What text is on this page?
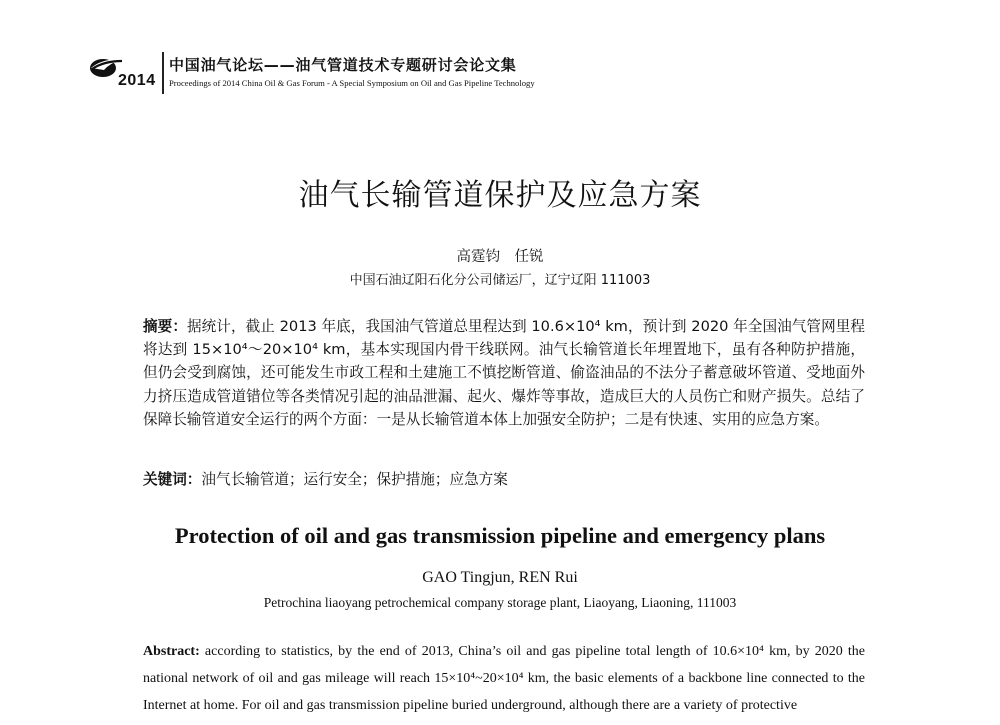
2014
中国油气论坛——油气管道技术专题研讨会论文集
Proceedings of 2014 China Oil & Gas Forum - A Special Symposium on Oil and Gas Pipeline Technology
油气长输管道保护及应急方案
高霆钧　任锐
中国石油辽阳石化分公司储运厂，辽宁辽阳 111003
摘要：据统计，截止 2013 年底，我国油气管道总里程达到 10.6×10⁴ km，预计到 2020 年全国油气管网里程将达到 15×10⁴～20×10⁴ km，基本实现国内骨干线联网。油气长输管道长年埋置地下，虽有各种防护措施，但仍会受到腐蚀，还可能发生市政工程和土建施工不慎挖断管道、偷盗油品的不法分子蓄意破坏管道、受地面外力挤压造成管道错位等各类情况引起的油品泄漏、起火、爆炸等事故，造成巨大的人员伤亡和财产损失。总结了保障长输管道安全运行的两个方面：一是从长输管道本体上加强安全防护；二是有快速、实用的应急方案。
关键词：油气长输管道；运行安全；保护措施；应急方案
Protection of oil and gas transmission pipeline and emergency plans
GAO Tingjun, REN Rui
Petrochina liaoyang petrochemical company storage plant, Liaoyang, Liaoning, 111003
Abstract: according to statistics, by the end of 2013, China’s oil and gas pipeline total length of 10.6×10⁴ km, by 2020 the national network of oil and gas mileage will reach 15×10⁴~20×10⁴ km, the basic elements of a backbone line connected to the Internet at home. For oil and gas transmission pipeline buried underground, although there are a variety of protective
